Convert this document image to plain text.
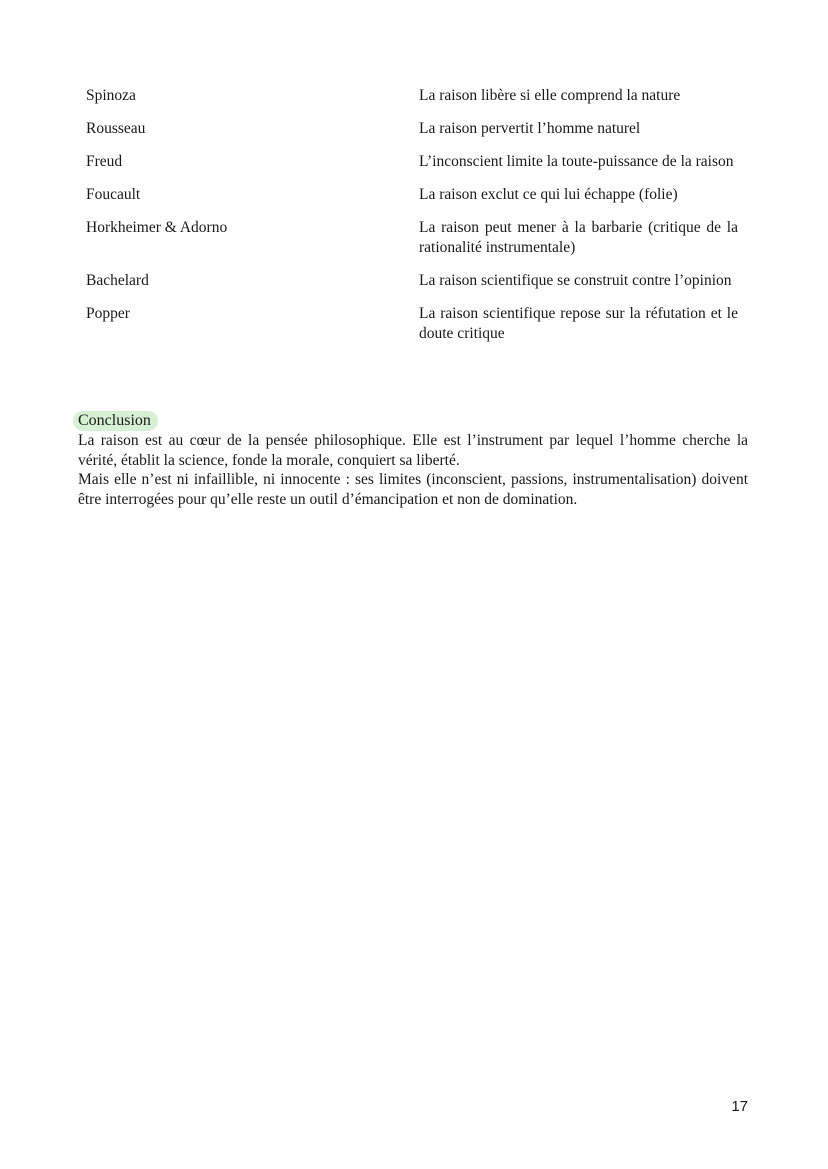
Spinoza	La raison libère si elle comprend la nature
Rousseau	La raison pervertit l’homme naturel
Freud	L’inconscient limite la toute-puissance de la raison
Foucault	La raison exclut ce qui lui échappe (folie)
Horkheimer & Adorno	La raison peut mener à la barbarie (critique de la rationalité instrumentale)
Bachelard	La raison scientifique se construit contre l’opinion
Popper	La raison scientifique repose sur la réfutation et le doute critique
Conclusion

La raison est au cœur de la pensée philosophique. Elle est l’instrument par lequel l’homme cherche la vérité, établit la science, fonde la morale, conquiert sa liberté.

Mais elle n’est ni infaillible, ni innocente : ses limites (inconscient, passions, instrumentalisation) doivent être interrogées pour qu’elle reste un outil d’émancipation et non de domination.

17
